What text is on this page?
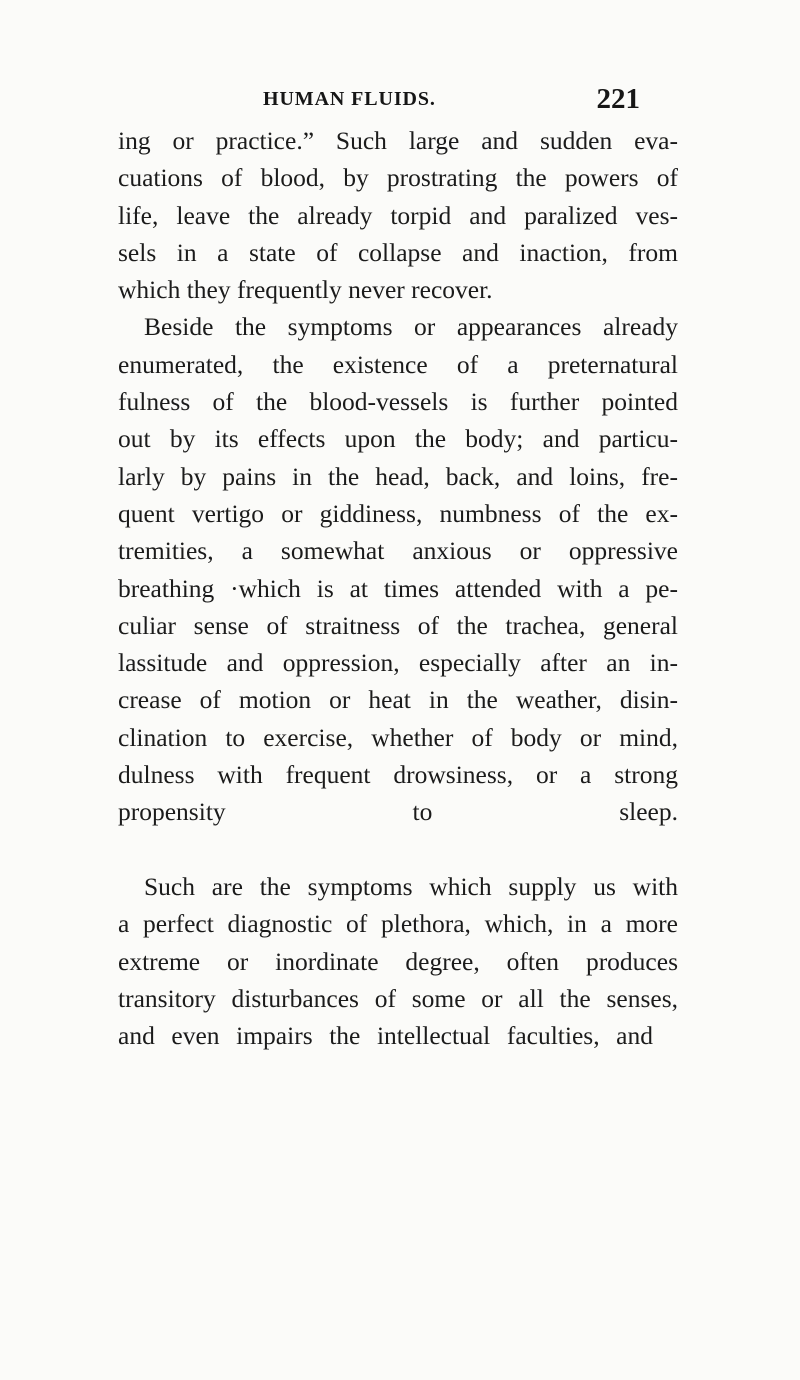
HUMAN FLUIDS.	221
ing or practice.” Such large and sudden eva-
cuations of blood, by prostrating the powers of
life, leave the already torpid and paralized ves-
sels in a state of collapse and inaction, from
which they frequently never recover.
Beside the symptoms or appearances already
enumerated, the existence of a preternatural
fulness of the blood-vessels is further pointed
out by its effects upon the body; and particu-
larly by pains in the head, back, and loins, fre-
quent vertigo or giddiness, numbness of the ex-
tremities, a somewhat anxious or oppressive
breathing ·which is at times attended with a pe-
culiar sense of straitness of the trachea, general
lassitude and oppression, especially after an in-
crease of motion or heat in the weather, disin-
clination to exercise, whether of body or mind,
dulness with frequent drowsiness, or a strong
propensity to sleep.
Such are the symptoms which supply us with
a perfect diagnostic of plethora, which, in a more
extreme or inordinate degree, often produces
transitory disturbances of some or all the senses,
and even impairs the intellectual faculties, and
